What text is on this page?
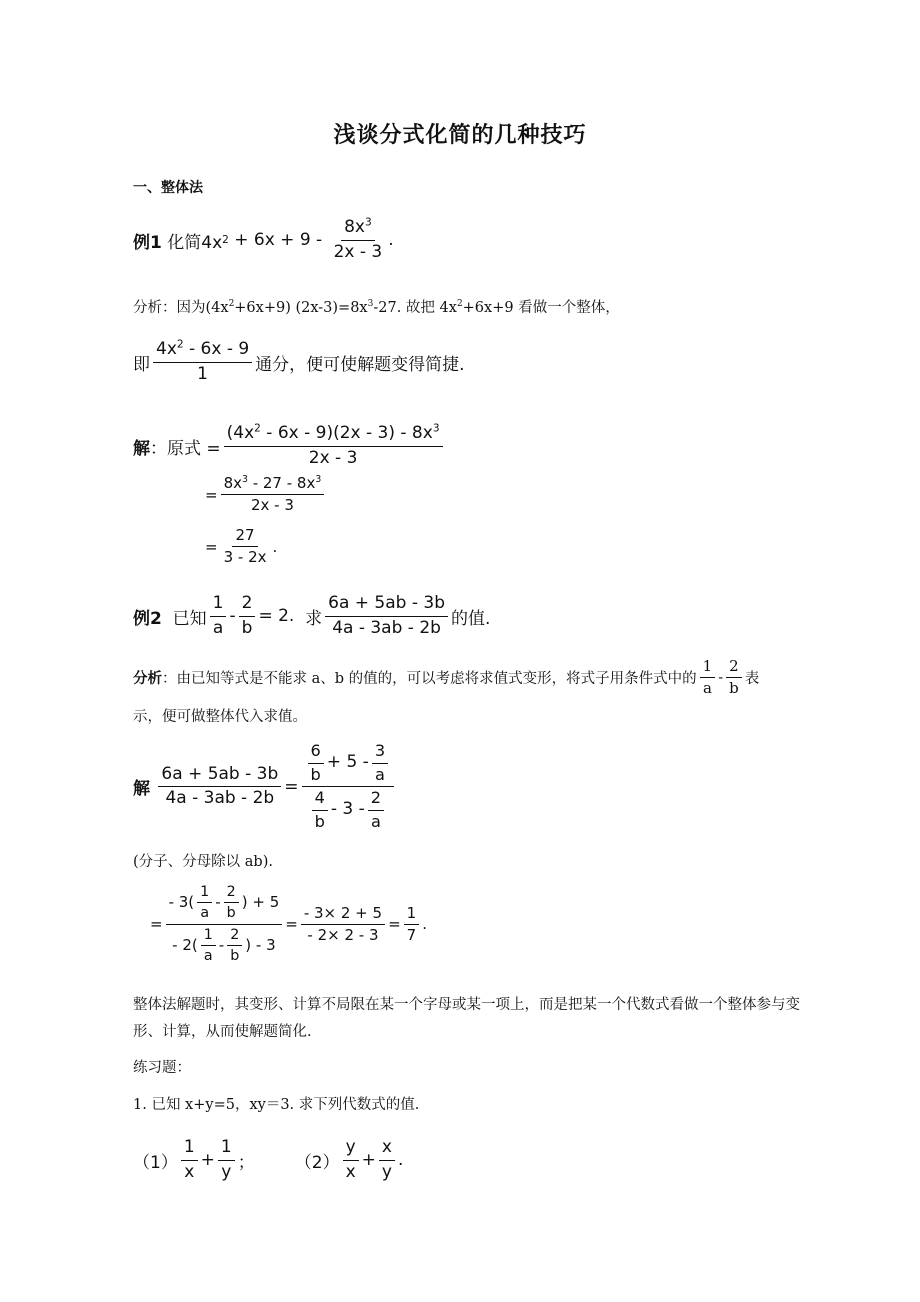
浅谈分式化简的几种技巧
一、整体法
例1
化简4x $2 + 6x + 9 - \frac{8x^3}{2x - 3}$ .
分析：因为$(4x^2+6x+9)$ $(2x-3)=8x^3-27$. 故把 $4x^2+6x+9$ 看做一个整体，
即 $\frac{4x^2 - 6x - 9}{1}$ 通分，便可使解题变得简捷.
解 ：原式 = $\frac{(4x^2 - 6x - 9)(2x - 3) - 8x^3}{2x - 3}$
= $\frac{8x^3 - 27 - 8x^3}{2x - 3}$
= $\frac{27}{3 - 2x}$ .
例2
已知 $\frac{1}{a} - \frac{2}{b} = 2$.
求 $\frac{6a + 5ab - 3b}{4a - 3ab - 2b}$ 的值.
分析 ：由已知等式是不能求 a、b 的值的，可以考虑将求值式变形，将式子用条件式中的 $\frac{1}{a} - \frac{2}{b}$ 表
示，便可做整体代入求值。
解
$\frac{6a + 5ab - 3b}{4a - 3ab - 2b} = \frac{\frac{6}{b} + 5 - \frac{3}{a}}{\frac{4}{b} - 3 - \frac{2}{a}}$
(分子、分母除以 ab).
= $\frac{- 3( \frac{1}{a} - \frac{2}{b} ) + 5}{- 2( \frac{1}{a} - \frac{2}{b} ) - 3} = \frac{- 3\times 2 + 5}{- 2\times 2 - 3} = \frac{1}{7}$ .
整体法解题时，其变形、计算不局限在某一个字母或某一项上，而是把某一个代数式看做一个整体参与变形、计算，从而使解题简化.
练习题：
1. 已知 x+y=5，xy＝3. 求下列代数式的值.
$(1) \frac{1}{x} + \frac{1}{y}$ ； $(2) \frac{y}{x} + \frac{x}{y}$ .
